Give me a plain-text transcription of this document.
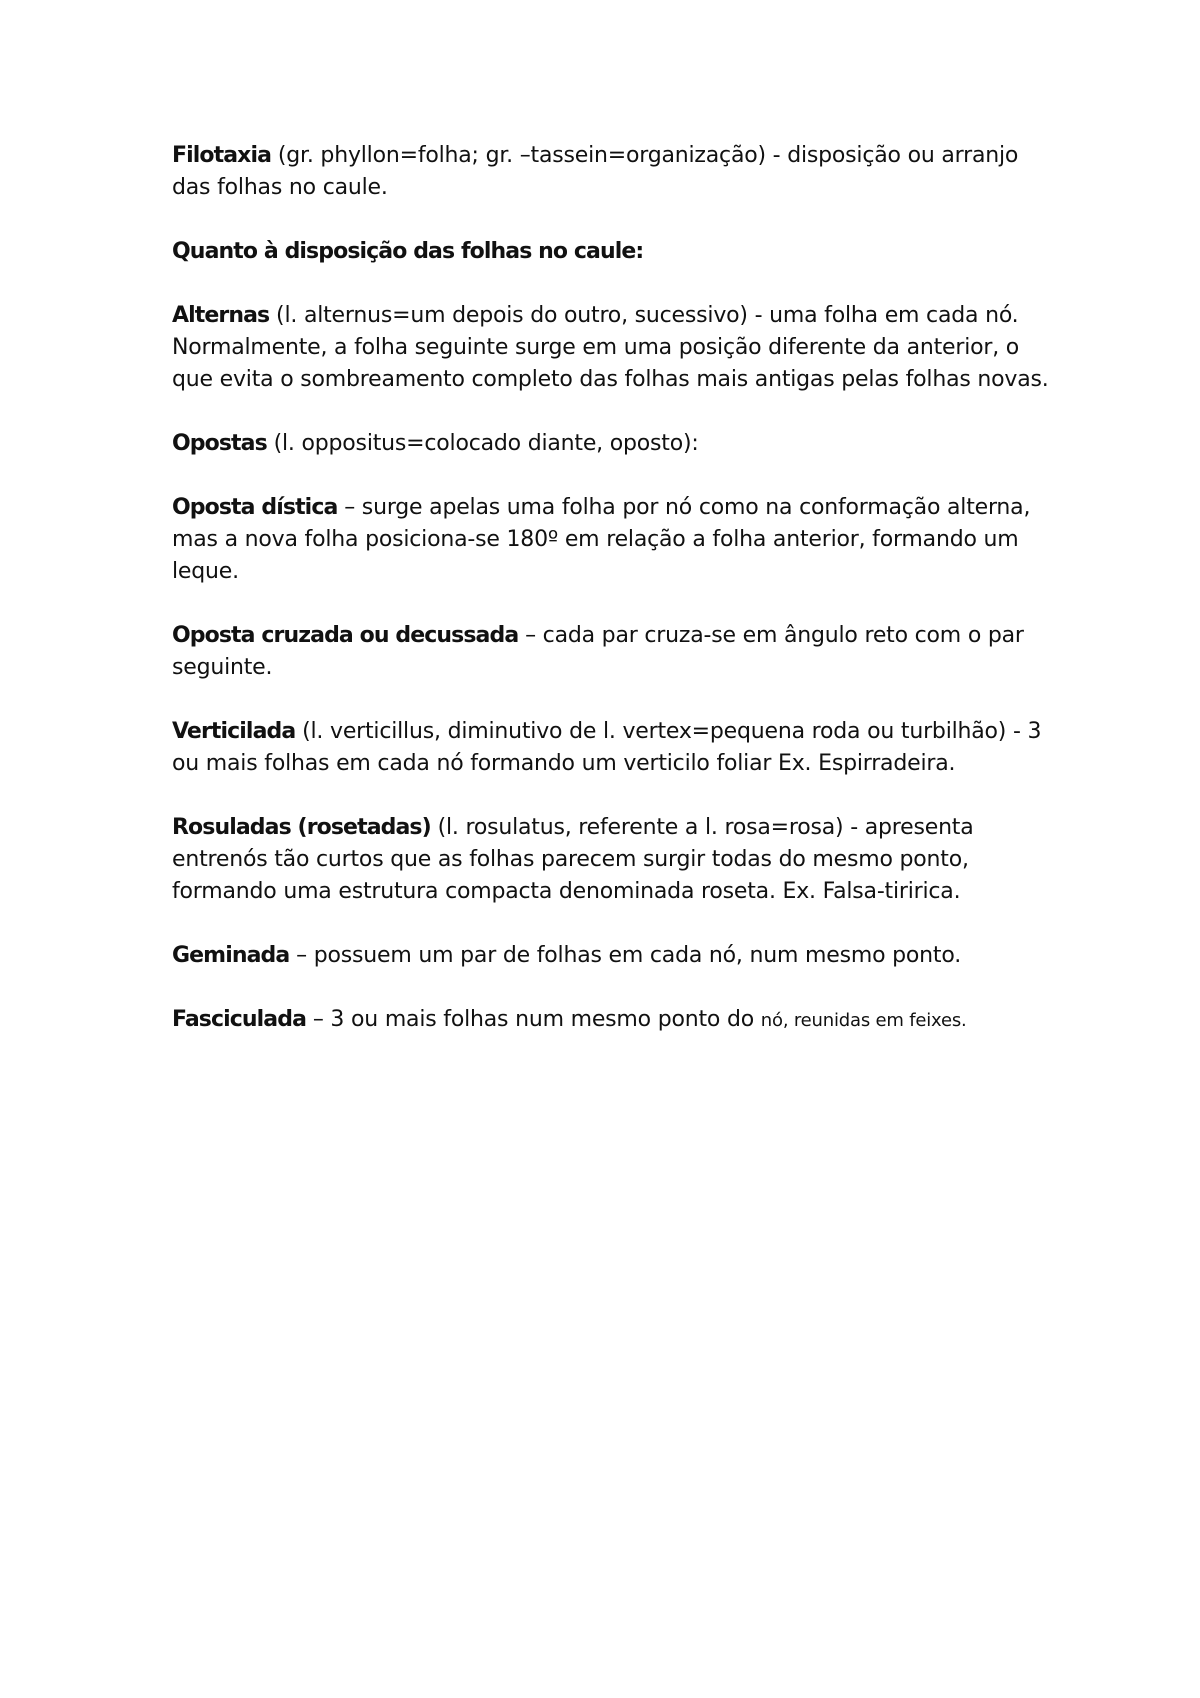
Filotaxia (gr. phyllon=folha; gr. –tassein=organização) - disposição ou arranjo
das folhas no caule.

Quanto à disposição das folhas no caule:

Alternas (l. alternus=um depois do outro, sucessivo) - uma folha em cada nó.
Normalmente, a folha seguinte surge em uma posição diferente da anterior, o
que evita o sombreamento completo das folhas mais antigas pelas folhas novas.

Opostas (l. oppositus=colocado diante, oposto):

Oposta dística – surge apelas uma folha por nó como na conformação alterna,
mas a nova folha posiciona-se 180º em relação a folha anterior, formando um
leque.

Oposta cruzada ou decussada – cada par cruza-se em ângulo reto com o par
seguinte.

Verticilada (l. verticillus, diminutivo de l. vertex=pequena roda ou turbilhão) - 3
ou mais folhas em cada nó formando um verticilo foliar Ex. Espirradeira.

Rosuladas (rosetadas) (l. rosulatus, referente a l. rosa=rosa) - apresenta
entrenós tão curtos que as folhas parecem surgir todas do mesmo ponto,
formando uma estrutura compacta denominada roseta. Ex. Falsa-tiririca.

Geminada – possuem um par de folhas em cada nó, num mesmo ponto.

Fasciculada – 3 ou mais folhas num mesmo ponto do nó, reunidas em feixes.
